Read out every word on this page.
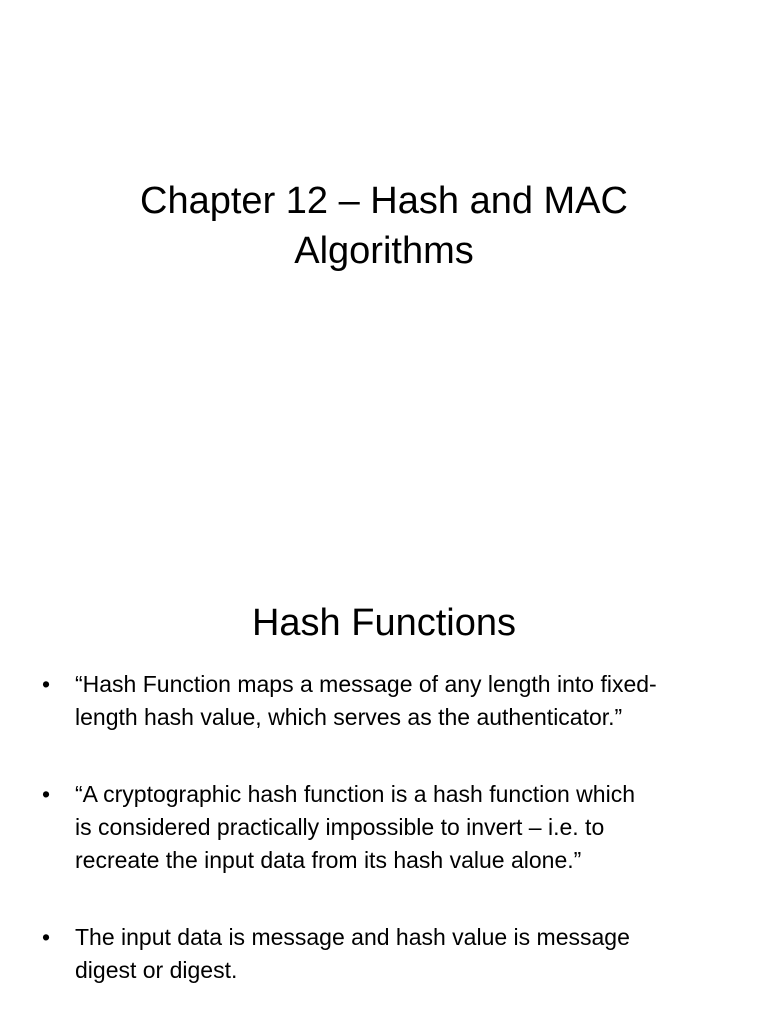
Chapter 12 – Hash and MAC
Algorithms
Hash Functions
• “Hash Function maps a message of any length into fixed-
length hash value, which serves as the authenticator.”
• “A cryptographic hash function is a hash function which
is considered practically impossible to invert – i.e. to
recreate the input data from its hash value alone.”
• The input data is message and hash value is message
digest or digest.
